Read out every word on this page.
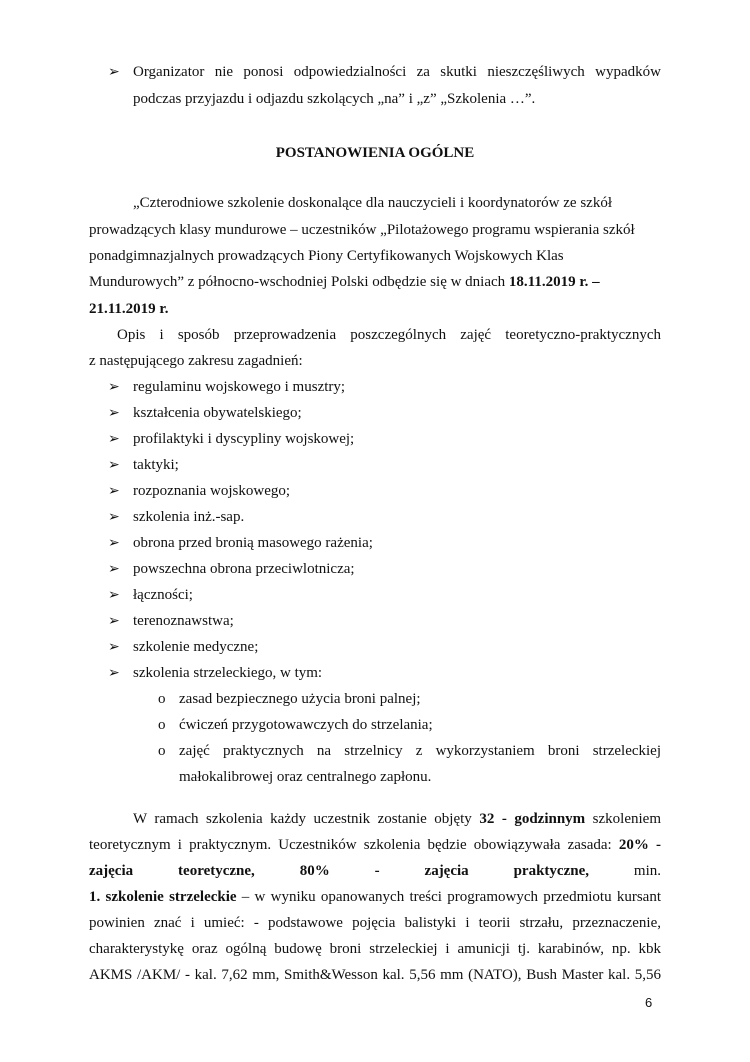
➢ Organizator nie ponosi odpowiedzialności za skutki nieszczęśliwych wypadków
podczas przyjazdu i odjazdu szkolących „na” i „z” „Szkolenia …”.
POSTANOWIENIA OGÓLNE
„Czterodniowe szkolenie doskonalące dla nauczycieli i koordynatorów ze szkół
prowadzących klasy mundurowe – uczestników „Pilotażowego programu wspierania szkół
ponadgimnazjalnych prowadzących Piony Certyfikowanych Wojskowych Klas
Mundurowych” z północno-wschodniej Polski odbędzie się w dniach 18.11.2019 r. –
21.11.2019 r.
Opis i sposób przeprowadzenia poszczególnych zajęć teoretyczno-praktycznych
z następującego zakresu zagadnień:
➢ regulaminu wojskowego i musztry;
➢ kształcenia obywatelskiego;
➢ profilaktyki i dyscypliny wojskowej;
➢ taktyki;
➢ rozpoznania wojskowego;
➢ szkolenia inż.-sap.
➢ obrona przed bronią masowego rażenia;
➢ powszechna obrona przeciwlotnicza;
➢ łączności;
➢ terenoznawstwa;
➢ szkolenie medyczne;
➢ szkolenia strzeleckiego, w tym:
o zasad bezpiecznego użycia broni palnej;
o ćwiczeń przygotowawczych do strzelania;
o zajęć praktycznych na strzelnicy z wykorzystaniem broni strzeleckiej
małokalibrowej oraz centralnego zapłonu.
W ramach szkolenia każdy uczestnik zostanie objęty 32 - godzinnym szkoleniem
teoretycznym i praktycznym. Uczestników szkolenia będzie obowiązywała zasada: 20% -
zajęcia teoretyczne, 80% - zajęcia praktyczne, min.
1. szkolenie strzeleckie – w wyniku opanowanych treści programowych przedmiotu kursant
powinien znać i umieć: - podstawowe pojęcia balistyki i teorii strzału, przeznaczenie,
charakterystykę oraz ogólną budowę broni strzeleckiej i amunicji tj. karabinów, np. kbk
AKMS /AKM/ - kal. 7,62 mm, Smith&Wesson kal. 5,56 mm (NATO), Bush Master kal. 5,56
6
